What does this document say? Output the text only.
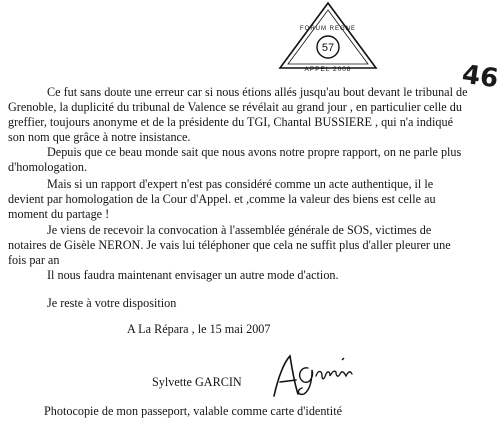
57
FORUM REGNE
APPEL 2008	46
Ce fut sans doute une erreur car si nous étions allés jusqu'au bout devant le tribunal de
Grenoble, la duplicité du tribunal de Valence se révélait au grand jour , en particulier celle du
greffier, toujours anonyme et de la présidente du TGI, Chantal BUSSIERE , qui n'a indiqué
son nom que grâce à notre insistance.
Depuis que ce beau monde sait que nous avons notre propre rapport, on ne parle plus
d'homologation.
Mais si un rapport d'expert n'est pas considéré comme un acte authentique, il le
devient par homologation de la Cour d'Appel. et ,comme la valeur des biens est celle au
moment du partage !
Je viens de recevoir la convocation à l'assemblée générale de SOS, victimes de
notaires de Gisèle NERON. Je vais lui téléphoner que cela ne suffit plus d'aller pleurer une
fois par an
Il nous faudra maintenant envisager un autre mode d'action.
Je reste à votre disposition
A La Répara , le 15 mai 2007
Sylvette GARCIN
Photocopie de mon passeport, valable comme carte d'identité
